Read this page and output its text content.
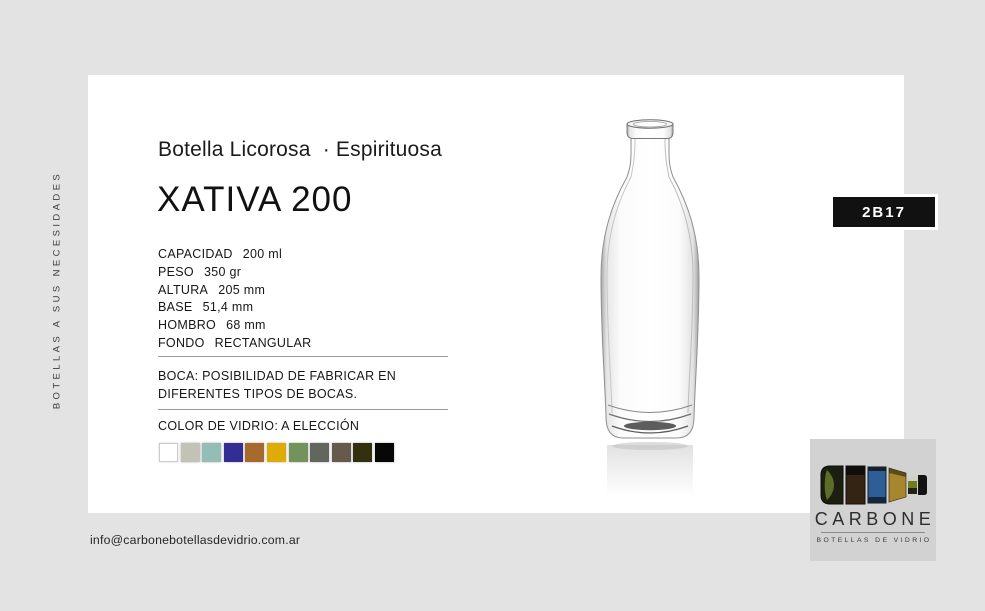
BOTELLAS A SUS NECESIDADES
Botella Licorosa  · Espirituosa
XATIVA 200
CAPACIDAD 200 ml
PESO 350 gr
ALTURA 205 mm
BASE 51,4 mm
HOMBRO 68 mm
FONDO RECTANGULAR
BOCA: POSIBILIDAD DE FABRICAR EN DIFERENTES TIPOS DE BOCAS.
COLOR DE VIDRIO: A ELECCIÓN
2B17
CARBONE
BOTELLAS DE VIDRIO
info@carbonebotellasdevidrio.com.ar
